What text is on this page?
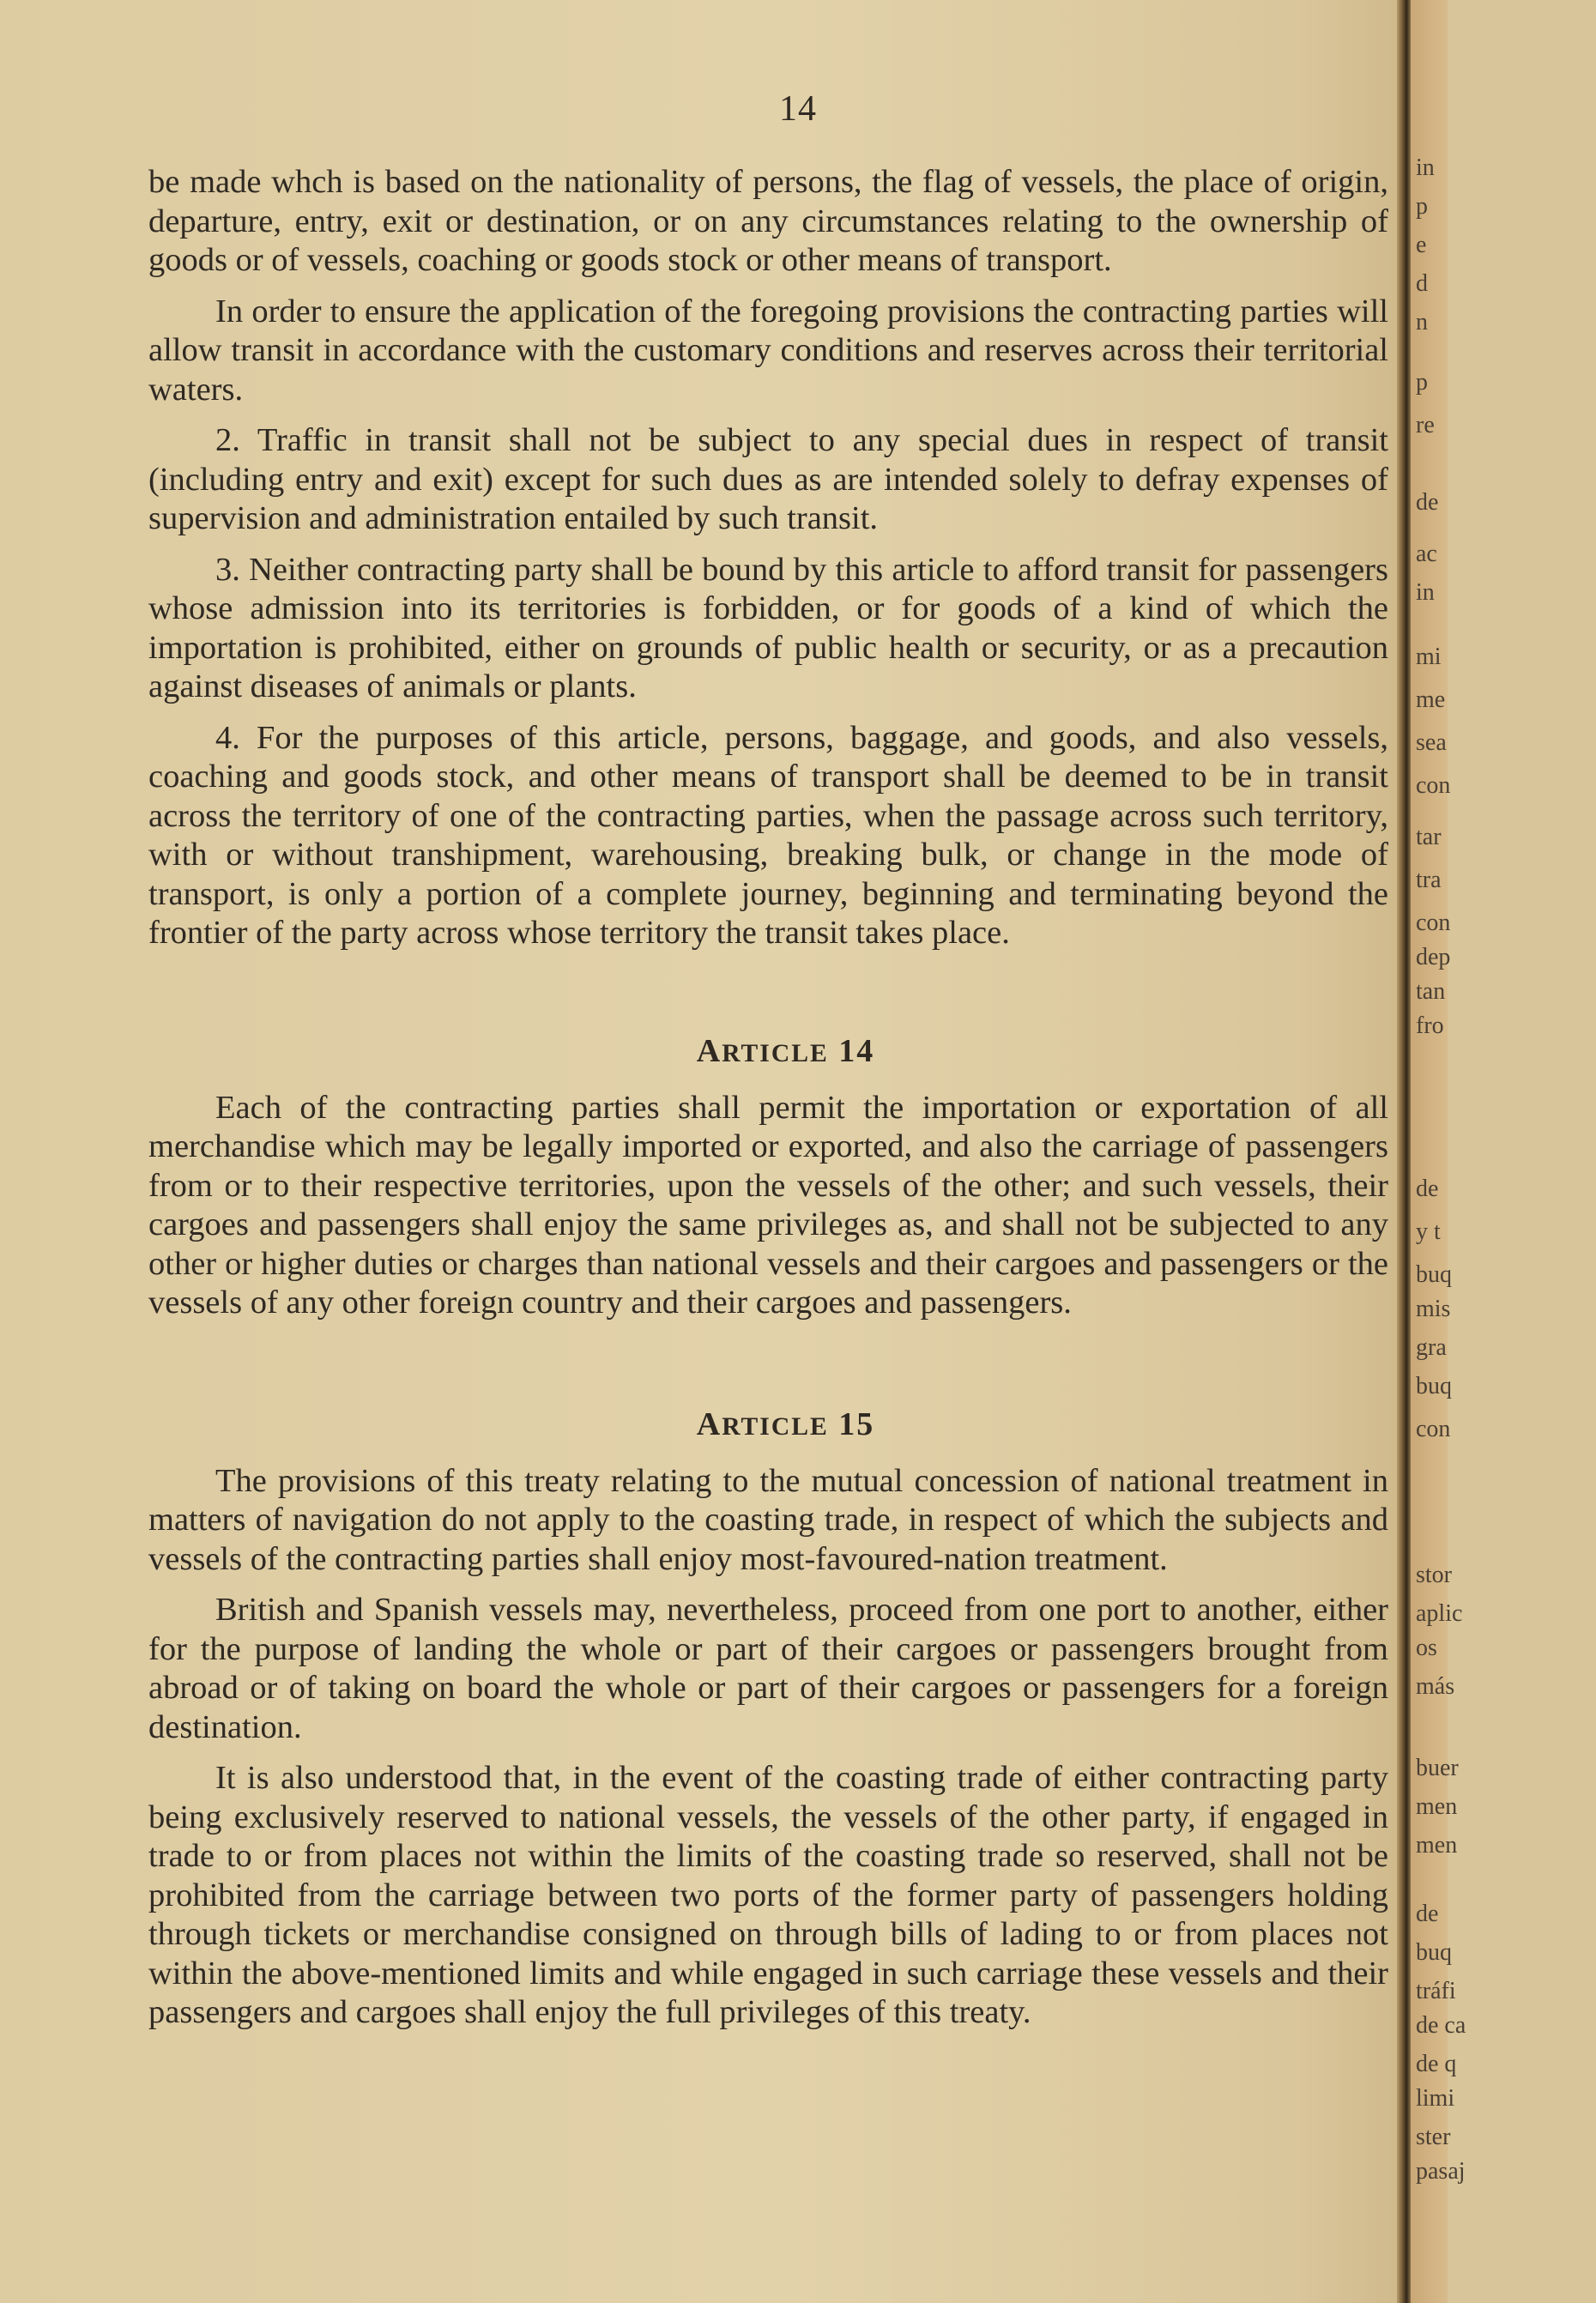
14

be made whch is based on the nationality of persons, the flag of vessels, the place of origin, departure, entry, exit or destination, or on any circumstances relating to the ownership of goods or of vessels, coaching or goods stock or other means of transport.

In order to ensure the application of the foregoing provisions the contracting parties will allow transit in accordance with the customary conditions and reserves across their territorial waters.

2. Traffic in transit shall not be subject to any special dues in respect of transit (including entry and exit) except for such dues as are intended solely to defray expenses of supervision and administration entailed by such transit.

3. Neither contracting party shall be bound by this article to afford transit for passengers whose admission into its territories is forbidden, or for goods of a kind of which the importation is prohibited, either on grounds of public health or security, or as a precaution against diseases of animals or plants.

4. For the purposes of this article, persons, baggage, and goods, and also vessels, coaching and goods stock, and other means of transport shall be deemed to be in transit across the territory of one of the contracting parties, when the passage across such territory, with or without transhipment, warehousing, breaking bulk, or change in the mode of transport, is only a portion of a complete journey, beginning and terminating beyond the frontier of the party across whose territory the transit takes place.

ARTICLE 14

Each of the contracting parties shall permit the importation or exportation of all merchandise which may be legally imported or exported, and also the carriage of passengers from or to their respective territories, upon the vessels of the other; and such vessels, their cargoes and passengers shall enjoy the same privileges as, and shall not be subjected to any other or higher duties or charges than national vessels and their cargoes and passengers or the vessels of any other foreign country and their cargoes and passengers.

ARTICLE 15

The provisions of this treaty relating to the mutual concession of national treatment in matters of navigation do not apply to the coasting trade, in respect of which the subjects and vessels of the contracting parties shall enjoy most-favoured-nation treatment.

British and Spanish vessels may, nevertheless, proceed from one port to another, either for the purpose of landing the whole or part of their cargoes or passengers brought from abroad or of taking on board the whole or part of their cargoes or passengers for a foreign destination.

It is also understood that, in the event of the coasting trade of either contracting party being exclusively reserved to national vessels, the vessels of the other party, if engaged in trade to or from places not within the limits of the coasting trade so reserved, shall not be prohibited from the carriage between two ports of the former party of passengers holding through tickets or merchandise consigned on through bills of lading to or from places not within the above-mentioned limits and while engaged in such carriage these vessels and their passengers and cargoes shall enjoy the full privileges of this treaty.

in
p
e
d
n
p
re
de
ac
in
mi
me
sea
con
tar
tra
con
dep
tan
fro
de
y t
buq
mis
gra
buq
con
stor
aplic
os
más
buer
men
men
de
buq
tráfi
de ca
de q
limi
ster
pasaj
